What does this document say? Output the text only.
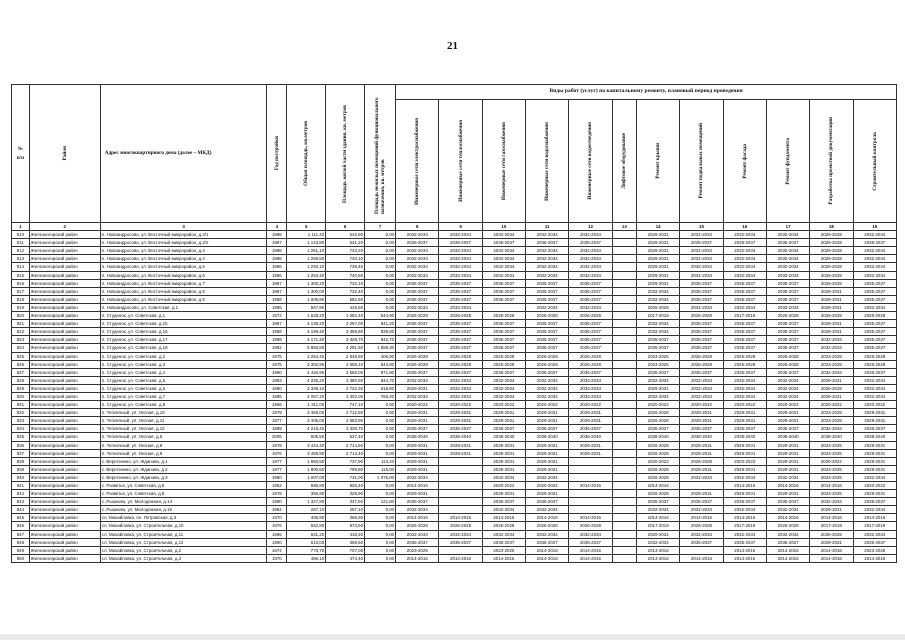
21
№
п/п	Район	Адрес многоквартирного дома (далее – МКД)	Год постройки	Общая площадь, кв.метров	Площадь жилой части здания, кв. метров	Площадь нежилых помещений функционального назначения, кв. метров	Виды работ (услуг) по капитальному ремонту, плановый период проведения											

							Инженерные сети электроснабжения	Инженерные сети теплоснабжения	Инженерные сети газоснабжения	Инженерные сети водоснабжения	Инженерные сети водоотведения	Лифтовое оборудование	Ремонт крыши	Ремонт подвальных помещений	Ремонт фасада	Ремонт фундамента	Разработка проектной документации	Строительный контроль

1	2	3	4	5	6	7	8	9	10	11	12	13	14	15	16	17	18	19
810	Железногорский район	п. Новоандросово, ул. Восточный микрорайон, д.2/1	1986	1 111,40	642,80	0,00	2032-2034	2032-2034	2032-2034	2032-2034	2032-2034		2029-2031	2032-2034	2032-2034	2032-2034	2026-2028	2032-2034
811	Железногорский район	п. Новоандросово, ул. Восточный микрорайон, д.2/2	1987	1 143,80	641,20	0,00	2035-2037	2035-2037	2035-2037	2035-2037	2035-2037		2029-2031	2035-2037	2035-2037	2035-2037	2026-2028	2035-2037
812	Железногорский район	п. Новоандросово, ул. Восточный микрорайон, д.3	1986	1 261,10	743,20	0,00	2032-2034	2032-2034	2032-2034	2032-2034	2032-2034		2029-2031	2032-2034	2032-2034	2032-2034	2026-2028	2032-2034
813	Железногорский район	п. Новоандросово, ул. Восточный микрорайон, д.4	1986	1 259,50	740,10	0,00	2032-2034	2032-2034	2032-2034	2032-2034	2032-2034		2029-2031	2032-2034	2032-2034	2032-2034	2026-2028	2032-2034
814	Железногорский район	п. Новоандросово, ул. Восточный микрорайон, д.5	1986	1 240,10	739,40	0,00	2032-2034	2032-2034	2032-2034	2032-2034	2032-2034		2029-2031	2032-2034	2032-2034	2032-2034	2026-2028	2032-2034
815	Железногорский район	п. Новоандросово, ул. Восточный микрорайон, д.6	1986	1 263,40	740,50	0,00	2032-2034	2032-2034	2032-2034	2032-2034	2032-2034		2029-2031	2032-2034	2032-2034	2032-2034	2026-2028	2032-2034
816	Железногорский район	п. Новоандросово, ул. Восточный микрорайон, д.7	1987	1 300,20	732,10	0,00	2035-2037	2035-2037	2035-2037	2035-2037	2035-2037		2029-2031	2035-2037	2035-2037	2035-2037	2026-2028	2035-2037
817	Железногорский район	п. Новоандросово, ул. Восточный микрорайон, д.8	1987	1 300,00	732,40	0,00	2035-2037	2035-2037	2035-2037	2035-2037	2035-2037		2032-2034	2035-2037	2035-2037	2035-2037	2029-2031	2035-2037
818	Железногорский район	п. Новоандросово, ул. Восточный микрорайон, д.9	1988	1 006,90	582,60	0,00	2035-2037	2035-2037	2035-2037	2035-2037	2035-2037		2032-2034	2035-2037	2035-2037	2035-2037	2029-2031	2035-2037
819	Железногорский район	п. Новоандросово, ул. Советская, д.1	1985	567,90	418,60	0,00	2032-2034	2032-2034		2032-2034	2032-2034		2026-2028	2032-2034	2032-2034	2032-2034	2029-2031	2032-2034
820	Железногорский район	п. Студенок, ул. Советская, д.1	1972	1 628,20	1 082,40	544,90	2026-2028	2026-2028	2026-2028	2026-2028	2026-2028		2017-2019	2026-2028	2017-2019	2026-2028	2026-2028	2026-2028
821	Железногорский район	п. Студенок, ул. Советская, д.15	1987	4 138,20	3 297,00	841,20	2035-2037	2035-2037	2035-2037	2035-2037	2035-2037		2032-2034	2035-2037	2035-2037	2035-2037	2029-2031	2035-2037
822	Железногорский район	п. Студенок, ул. Советская, д.16	1988	4 199,40	3 359,80	839,60	2035-2037	2035-2037	2035-2037	2035-2037	2035-2037		2032-2034	2035-2037	2035-2037	2035-2037	2029-2031	2035-2037
823	Железногорский район	п. Студенок, ул. Советская, д.17	1989	4 171,40	3 328,70	842,70	2035-2037	2035-2037	2035-2037	2035-2037	2035-2037		2035-2037	2035-2037	2035-2037	2035-2037	2032-2034	2035-2037
824	Железногорский район	п. Студенок, ул. Советская, д.18	1992	5 850,80	4 291,50	1 559,30	2035-2037	2035-2037	2035-2037	2035-2037	2035-2037		2035-2037	2035-2037	2035-2037	2035-2037	2032-2034	2035-2037
825	Железногорский район	п. Студенок, ул. Советская, д.2	1975	3 254,40	2 848,50	405,90	2026-2028	2026-2028	2026-2028	2026-2028	2026-2028		2023-2025	2026-2028	2026-2028	2026-2028	2023-2025	2026-2028
826	Железногорский район	п. Студенок, ул. Советская, д.3	1975	3 302,90	2 658,10	644,80	2026-2028	2026-2028	2026-2028	2026-2028	2026-2028		2023-2025	2026-2028	2026-2028	2026-2028	2023-2025	2026-2028
827	Железногорский район	п. Студенок, ул. Советская, д.4	1990	4 426,90	3 556,00	871,90	2035-2037	2035-2037	2035-2037	2035-2037	2035-2037		2035-2037	2035-2037	2035-2037	2035-2037	2032-2034	2035-2037
828	Железногорский район	п. Студенок, ул. Советская, д.5	1983	4 225,20	3 380,50	844,70	2032-2034	2032-2034	2032-2034	2032-2034	2032-2034		2032-2034	2032-2034	2032-2034	2032-2034	2029-2031	2032-2034
829	Железногорский район	п. Студенок, ул. Советская, д.6	1980	3 339,10	2 722,30	616,80	2029-2031	2032-2034	2032-2034	2032-2034	2032-2034		2029-2031	2032-2034	2032-2034	2032-2034	2026-2028	2032-2034
830	Железногорский район	п. Студенок, ул. Советская, д.7	1985	4 067,20	3 302,00	765,20	2032-2034	2032-2034	2032-2034	2032-2034	2032-2034		2032-2034	2032-2034	2032-2034	2032-2034	2029-2031	2032-2034
831	Железногорский район	п. Студенок, ул. Советская, д.8	1968	1 311,00	747,10	0,00	2020-2022	2020-2022	2020-2022	2020-2022	2020-2022		2020-2022	2020-2022	2020-2022	2020-2022	2020-2022	2020-2022
832	Железногорский район	п. Тепличный, ул. Лесная, д.10	1979	3 465,00	2 712,60	0,00	2029-2031	2029-2031	2029-2031	2029-2031	2029-2031		2026-2028	2029-2031	2029-2031	2029-2031	2023-2025	2029-2031
833	Железногорский район	п. Тепличный, ул. Лесная, д.11	1977	3 406,00	2 683,90	0,00	2029-2031	2029-2031	2029-2031	2029-2031	2029-2031		2026-2028	2029-2031	2029-2031	2029-2031	2023-2025	2029-2031
834	Железногорский район	п. Тепличный, ул. Лесная, д.12	1989	4 215,40	3 328,70	0,00	2035-2037	2035-2037	2035-2037	2035-2037	2035-2037		2035-2037	2035-2037	2035-2037	2035-2037	2032-2034	2035-2037
835	Железногорский район	п. Тепличный, ул. Лесная, д.6	2005	605,50	537,40	0,00	2038-2040	2038-2040	2038-2040	2038-2040	2038-2040		2038-2040	2038-2040	2038-2040	2038-2040	2038-2040	2038-2040
836	Железногорский район	п. Тепличный, ул. Лесная, д.8	1978	3 444,40	2 714,50	0,00	2029-2031	2029-2031	2029-2031	2029-2031	2029-2031		2026-2028	2029-2031	2029-2031	2029-2031	2023-2025	2029-2031
837	Железногорский район	п. Тепличный, ул. Лесная, д.9	1976	3 459,90	2 713,40	0,00	2029-2031	2029-2031	2029-2031	2029-2031	2029-2031		2026-2028	2029-2031	2029-2031	2029-2031	2023-2025	2029-2031
838	Железногорский район	с. Веретенино, ул. Жданова, д.1	1977	1 850,50	737,90	113,20	2029-2031		2029-2031	2029-2031			2020-2022	2026-2028	2020-2022	2029-2031	2020-2022	2029-2031
839	Железногорский район	с. Веретенино, ул. Жданова, д.2	1977	1 800,60	799,80	115,00	2029-2031		2029-2031	2029-2031			2026-2028	2029-2031	2029-2031	2029-2031	2023-2025	2029-2031
840	Железногорский район	с. Веретенино, ул. Жданова, д.3	1980	1 007,00	731,00	1 076,00	2032-2034		2032-2034	2032-2034			2026-2028	2032-2034	2032-2034	2032-2034	2023-2025	2032-2034
841	Железногорский район	с. Разветье, ул. Советская, д.8	1952	686,80	826,40	0,00	2014-2016		2020-2022	2020-2022	2014-2016		2014-2016		2014-2016	2014-2016	2014-2016	2020-2022
842	Железногорский район	с. Разветье, ул. Советская, д.9	1978	356,90	328,90	0,00	2029-2031		2029-2031	2029-2031			2026-2028	2029-2031	2029-2031	2029-2031	2023-2025	2029-2031
843	Железногорский район	с. Рышково, ул. Молодежная, д.14	1990	1 327,80	347,50	121,80	2035-2037		2035-2037	2035-2037			2035-2037	2035-2037	2035-2037	2035-2037	2032-2034	2035-2037
844	Железногорский район	с. Рышково, ул. Молодежная, д.15	1984	257,10	257,10	0,00	2032-2034		2032-2034	2032-2034			2032-2034	2032-2034	2032-2034	2032-2034	2029-2031	2032-2034
845	Железногорский район	сл. Михайловка, пл. Петровская, д.3	1970	406,90	368,30	0,00	2014-2016	2014-2016	2014-2016	2014-2016	2014-2016		2014-2016	2014-2016	2014-2016	2014-2016	2014-2016	2014-2016
846	Железногорский район	сл. Михайловка, ул. Строительная, д.10	1976	562,80	873,60	0,00	2026-2028	2026-2028	2026-2028	2026-2028	2026-2028		2017-2019	2026-2028	2017-2019	2026-2028	2017-2019	2017-2019
847	Железногорский район	сл. Михайловка, ул. Строительная, д.11	1985	631,20	418,20	0,00	2032-2034	2032-2034	2032-2034	2032-2034	2032-2034		2029-2031	2032-2034	2032-2034	2032-2034	2026-2028	2032-2034
848	Железногорский район	сл. Михайловка, ул. Строительная, д.12	1990	613,00	368,60	0,00	2035-2037	2035-2037	2035-2037	2035-2037	2035-2037		2032-2034	2035-2037	2035-2037	2035-2037	2029-2031	2035-2037
849	Железногорский район	сл. Михайловка, ул. Строительная, д.2	1974	773,70	707,00	0,00	2023-2025		2023-2025	2014-2016	2014-2016		2014-2016		2014-2016	2014-2016	2014-2016	2023-2025
850	Железногорский район	сл. Михайловка, ул. Строительная, д.3	1970	486,10	474,40	0,00	2014-2016	2014-2016	2014-2016	2014-2016	2014-2016		2014-2016	2014-2016	2014-2016	2014-2016	2014-2016	2014-2016
